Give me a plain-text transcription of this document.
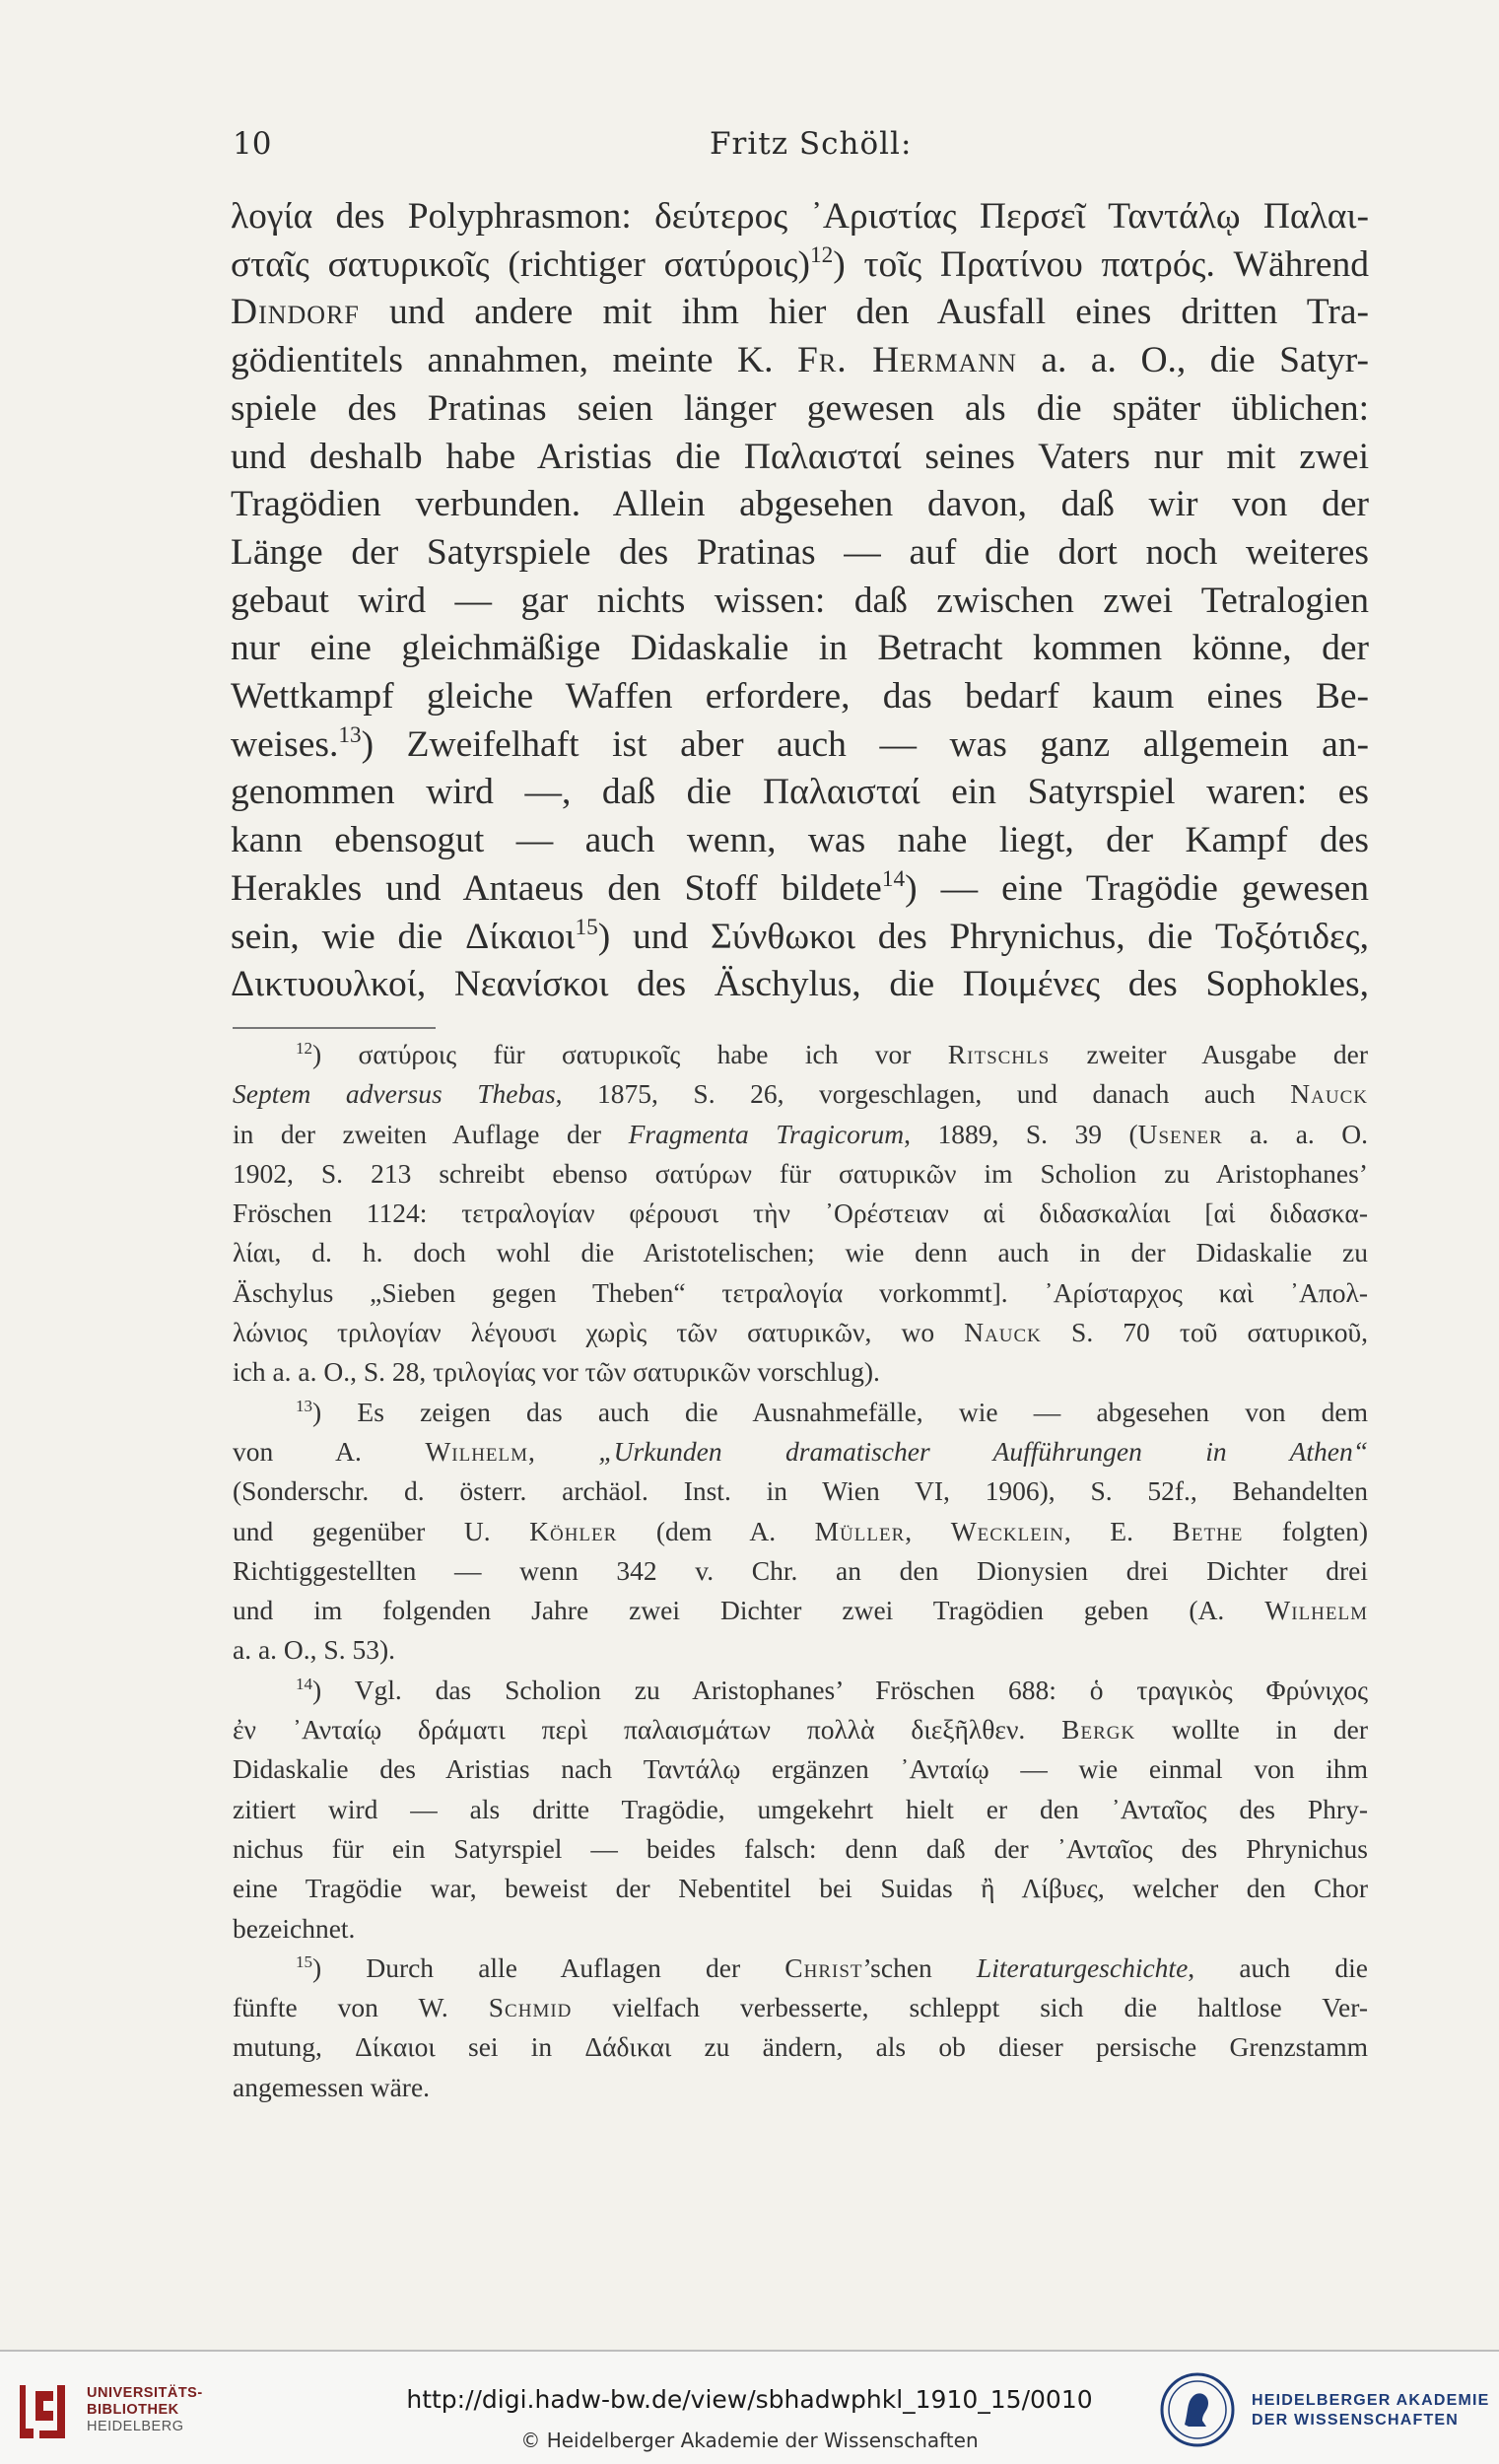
10	Fritz Schöll:
λογία des Polyphrasmon: δεύτερος ᾿Αριστίας Περσεῖ Ταντάλῳ Παλαι-
σταῖς σατυρικοῖς (richtiger σατύροις)$^{12}$) τοῖς Πρατίνου πατρός. Während
Dindorf und andere mit ihm hier den Ausfall eines dritten Tra-
gödientitels annahmen, meinte K. Fr. Hermann a. a. O., die Satyr-
spiele des Pratinas seien länger gewesen als die später üblichen:
und deshalb habe Aristias die Παλαισταί seines Vaters nur mit zwei
Tragödien verbunden. Allein abgesehen davon, daß wir von der
Länge der Satyrspiele des Pratinas — auf die dort noch weiteres
gebaut wird — gar nichts wissen: daß zwischen zwei Tetralogien
nur eine gleichmäßige Didaskalie in Betracht kommen könne, der
Wettkampf gleiche Waffen erfordere, das bedarf kaum eines Be-
weises.$^{13}$) Zweifelhaft ist aber auch — was ganz allgemein an-
genommen wird —, daß die Παλαισταί ein Satyrspiel waren: es
kann ebensogut — auch wenn, was nahe liegt, der Kampf des
Herakles und Antaeus den Stoff bildete$^{14}$) — eine Tragödie gewesen
sein, wie die Δίκαιοι$^{15}$) und Σύνθωκοι des Phrynichus, die Τοξότιδες,
Δικτυουλκοί, Νεανίσκοι des Äschylus, die Ποιμένες des Sophokles,
$^{12}$) σατύροις für σατυρικοῖς habe ich vor Ritschls zweiter Ausgabe der
Septem adversus Thebas, 1875, S. 26, vorgeschlagen, und danach auch Nauck
in der zweiten Auflage der Fragmenta Tragicorum, 1889, S. 39 (Usener a. a. O.
1902, S. 213 schreibt ebenso σατύρων für σατυρικῶν im Scholion zu Aristophanes’
Fröschen 1124: τετραλογίαν φέρουσι τὴν ᾿Ορέστειαν αἱ διδασκαλίαι [αἱ διδασκα-
λίαι, d. h. doch wohl die Aristotelischen; wie denn auch in der Didaskalie zu
Äschylus „Sieben gegen Theben“ τετραλογία vorkommt]. ᾿Αρίσταρχος καὶ ᾿Απολ-
λώνιος τριλογίαν λέγουσι χωρὶς τῶν σατυρικῶν, wo Nauck S. 70 τοῦ σατυρικοῦ,
ich a. a. O., S. 28, τριλογίας vor τῶν σατυρικῶν vorschlug).
$^{13}$) Es zeigen das auch die Ausnahmefälle, wie — abgesehen von dem
von A. Wilhelm, „Urkunden dramatischer Aufführungen in Athen“
(Sonderschr. d. österr. archäol. Inst. in Wien VI, 1906), S. 52f., Behandelten
und gegenüber U. Köhler (dem A. Müller, Wecklein, E. Bethe folgten)
Richtiggestellten — wenn 342 v. Chr. an den Dionysien drei Dichter drei
und im folgenden Jahre zwei Dichter zwei Tragödien geben (A. Wilhelm
a. a. O., S. 53).
$^{14}$) Vgl. das Scholion zu Aristophanes’ Fröschen 688: ὁ τραγικὸς Φρύνιχος
ἐν ᾿Ανταίῳ δράματι περὶ παλαισμάτων πολλὰ διεξῆλθεν. Bergk wollte in der
Didaskalie des Aristias nach Ταντάλῳ ergänzen ᾿Ανταίῳ — wie einmal von ihm
zitiert wird — als dritte Tragödie, umgekehrt hielt er den ᾿Ανταῖος des Phry-
nichus für ein Satyrspiel — beides falsch: denn daß der ᾿Ανταῖος des Phrynichus
eine Tragödie war, beweist der Nebentitel bei Suidas ἢ Λίβυες, welcher den Chor
bezeichnet.
$^{15}$) Durch alle Auflagen der Christ’schen Literaturgeschichte, auch die
fünfte von W. Schmid vielfach verbesserte, schleppt sich die haltlose Ver-
mutung, Δίκαιοι sei in Δάδικαι zu ändern, als ob dieser persische Grenzstamm
angemessen wäre.
UNIVERSITÄTS-
BIBLIOTHEK
HEIDELBERG
http://digi.hadw-bw.de/view/sbhadwphkl_1910_15/0010
© Heidelberger Akademie der Wissenschaften
HEIDELBERGER AKADEMIE
DER WISSENSCHAFTEN
